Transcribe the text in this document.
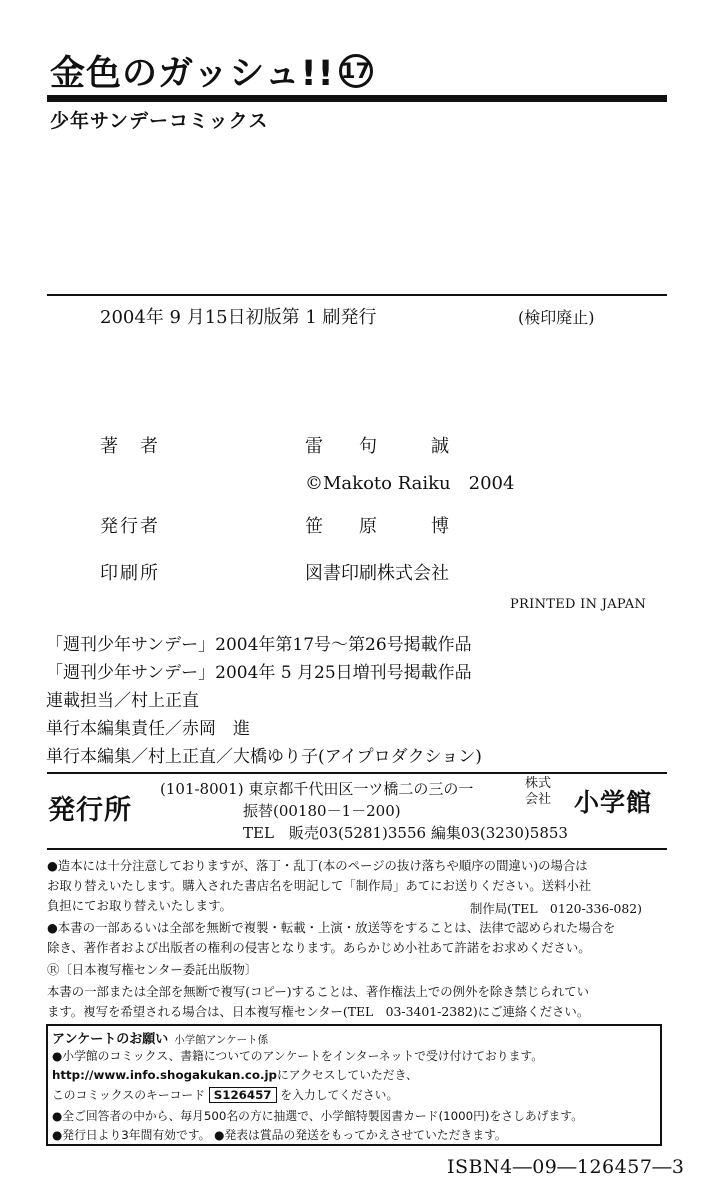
金色のガッシュ!! 17
少年サンデーコミックス
2004年 9 月15日初版第 1 刷発行	(検印廃止)
著　者	雷　　句　　　誠
©Makoto Raiku　2004
発行者	笹　　原　　　博
印刷所	図書印刷株式会社
PRINTED IN JAPAN
「週刊少年サンデー」2004年第17号～第26号掲載作品
「週刊少年サンデー」2004年 5 月25日増刊号掲載作品
連載担当／村上正直
単行本編集責任／赤岡　進
単行本編集／村上正直／大橋ゆり子(アイプロダクション)
発行所
(101-8001) 東京都千代田区一ツ橋二の三の一
振替(00180－1－200)
TEL　販売03(5281)3556 編集03(3230)5853
株式 会社 小学館
●造本には十分注意しておりますが、落丁・乱丁(本のページの抜け落ちや順序の間違い)の場合は
お取り替えいたします。購入された書店名を明記して「制作局」あてにお送りください。送料小社
負担にてお取り替えいたします。	制作局(TEL　0120-336-082)
●本書の一部あるいは全部を無断で複製・転載・上演・放送等をすることは、法律で認められた場合を
除き、著作者および出版者の権利の侵害となります。あらかじめ小社あて許諾をお求めください。
Ⓡ〔日本複写権センター委託出版物〕
本書の一部または全部を無断で複写(コピー)することは、著作権法上での例外を除き禁じられてい
ます。複写を希望される場合は、日本複写権センター(TEL　03-3401-2382)にご連絡ください。
アンケートのお願い 小学館アンケート係
●小学館のコミックス、書籍についてのアンケートをインターネットで受け付けております。
http://www.info.shogakukan.co.jpにアクセスしていただき、
このコミックスのキーコード S126457 を入力してください。
●全ご回答者の中から、毎月500名の方に抽選で、小学館特製図書カード(1000円)をさしあげます。
●発行日より3年間有効です。 ●発表は賞品の発送をもってかえさせていただきます。
ISBN4―09―126457―3
